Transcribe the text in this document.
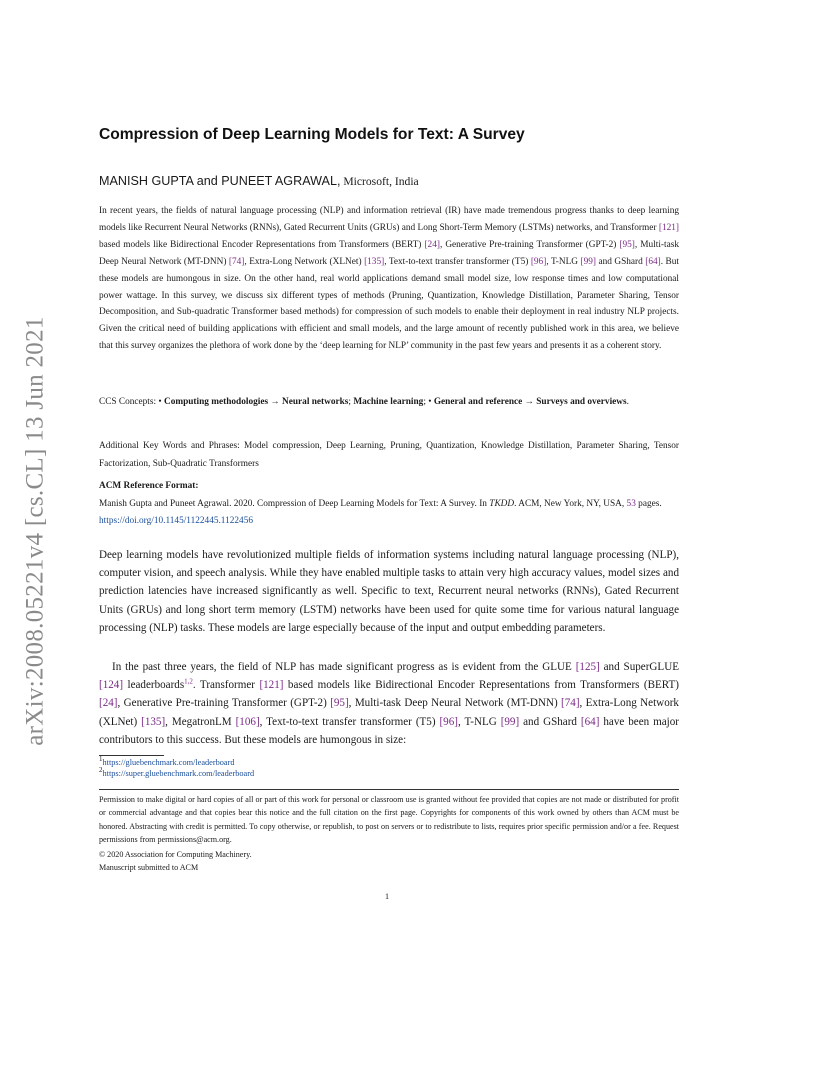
arXiv:2008.05221v4 [cs.CL] 13 Jun 2021
Compression of Deep Learning Models for Text: A Survey
MANISH GUPTA and PUNEET AGRAWAL, Microsoft, India

In recent years, the fields of natural language processing (NLP) and information retrieval (IR) have made tremendous progress thanks to deep learning models like Recurrent Neural Networks (RNNs), Gated Recurrent Units (GRUs) and Long Short-Term Memory (LSTMs) networks, and Transformer [121] based models like Bidirectional Encoder Representations from Transformers (BERT) [24], Generative Pre-training Transformer (GPT-2) [95], Multi-task Deep Neural Network (MT-DNN) [74], Extra-Long Network (XLNet) [135], Text-to-text transfer transformer (T5) [96], T-NLG [99] and GShard [64]. But these models are humongous in size. On the other hand, real world applications demand small model size, low response times and low computational power wattage. In this survey, we discuss six different types of methods (Pruning, Quantization, Knowledge Distillation, Parameter Sharing, Tensor Decomposition, and Sub-quadratic Transformer based methods) for compression of such models to enable their deployment in real industry NLP projects. Given the critical need of building applications with efficient and small models, and the large amount of recently published work in this area, we believe that this survey organizes the plethora of work done by the ‘deep learning for NLP’ community in the past few years and presents it as a coherent story.

CCS Concepts: • Computing methodologies → Neural networks; Machine learning; • General and reference → Surveys and overviews.

Additional Key Words and Phrases: Model compression, Deep Learning, Pruning, Quantization, Knowledge Distillation, Parameter Sharing, Tensor Factorization, Sub-Quadratic Transformers

ACM Reference Format:

Manish Gupta and Puneet Agrawal. 2020. Compression of Deep Learning Models for Text: A Survey. In TKDD. ACM, New York, NY, USA, 53 pages. https://doi.org/10.1145/1122445.1122456

Deep learning models have revolutionized multiple fields of information systems including natural language processing (NLP), computer vision, and speech analysis. While they have enabled multiple tasks to attain very high accuracy values, model sizes and prediction latencies have increased significantly as well. Specific to text, Recurrent neural networks (RNNs), Gated Recurrent Units (GRUs) and long short term memory (LSTM) networks have been used for quite some time for various natural language processing (NLP) tasks. These models are large especially because of the input and output embedding parameters.

In the past three years, the field of NLP has made significant progress as is evident from the GLUE [125] and SuperGLUE [124] leaderboards$^{1,2}$. Transformer [121] based models like Bidirectional Encoder Representations from Transformers (BERT) [24], Generative Pre-training Transformer (GPT-2) [95], Multi-task Deep Neural Network (MT-DNN) [74], Extra-Long Network (XLNet) [135], MegatronLM [106], Text-to-text transfer transformer (T5) [96], T-NLG [99] and GShard [64] have been major contributors to this success. But these models are humongous in size:

$^1$https://gluebenchmark.com/leaderboard
$^2$https://super.gluebenchmark.com/leaderboard

Permission to make digital or hard copies of all or part of this work for personal or classroom use is granted without fee provided that copies are not made or distributed for profit or commercial advantage and that copies bear this notice and the full citation on the first page. Copyrights for components of this work owned by others than ACM must be honored. Abstracting with credit is permitted. To copy otherwise, or republish, to post on servers or to redistribute to lists, requires prior specific permission and/or a fee. Request permissions from permissions@acm.org.

© 2020 Association for Computing Machinery.
Manuscript submitted to ACM
1
